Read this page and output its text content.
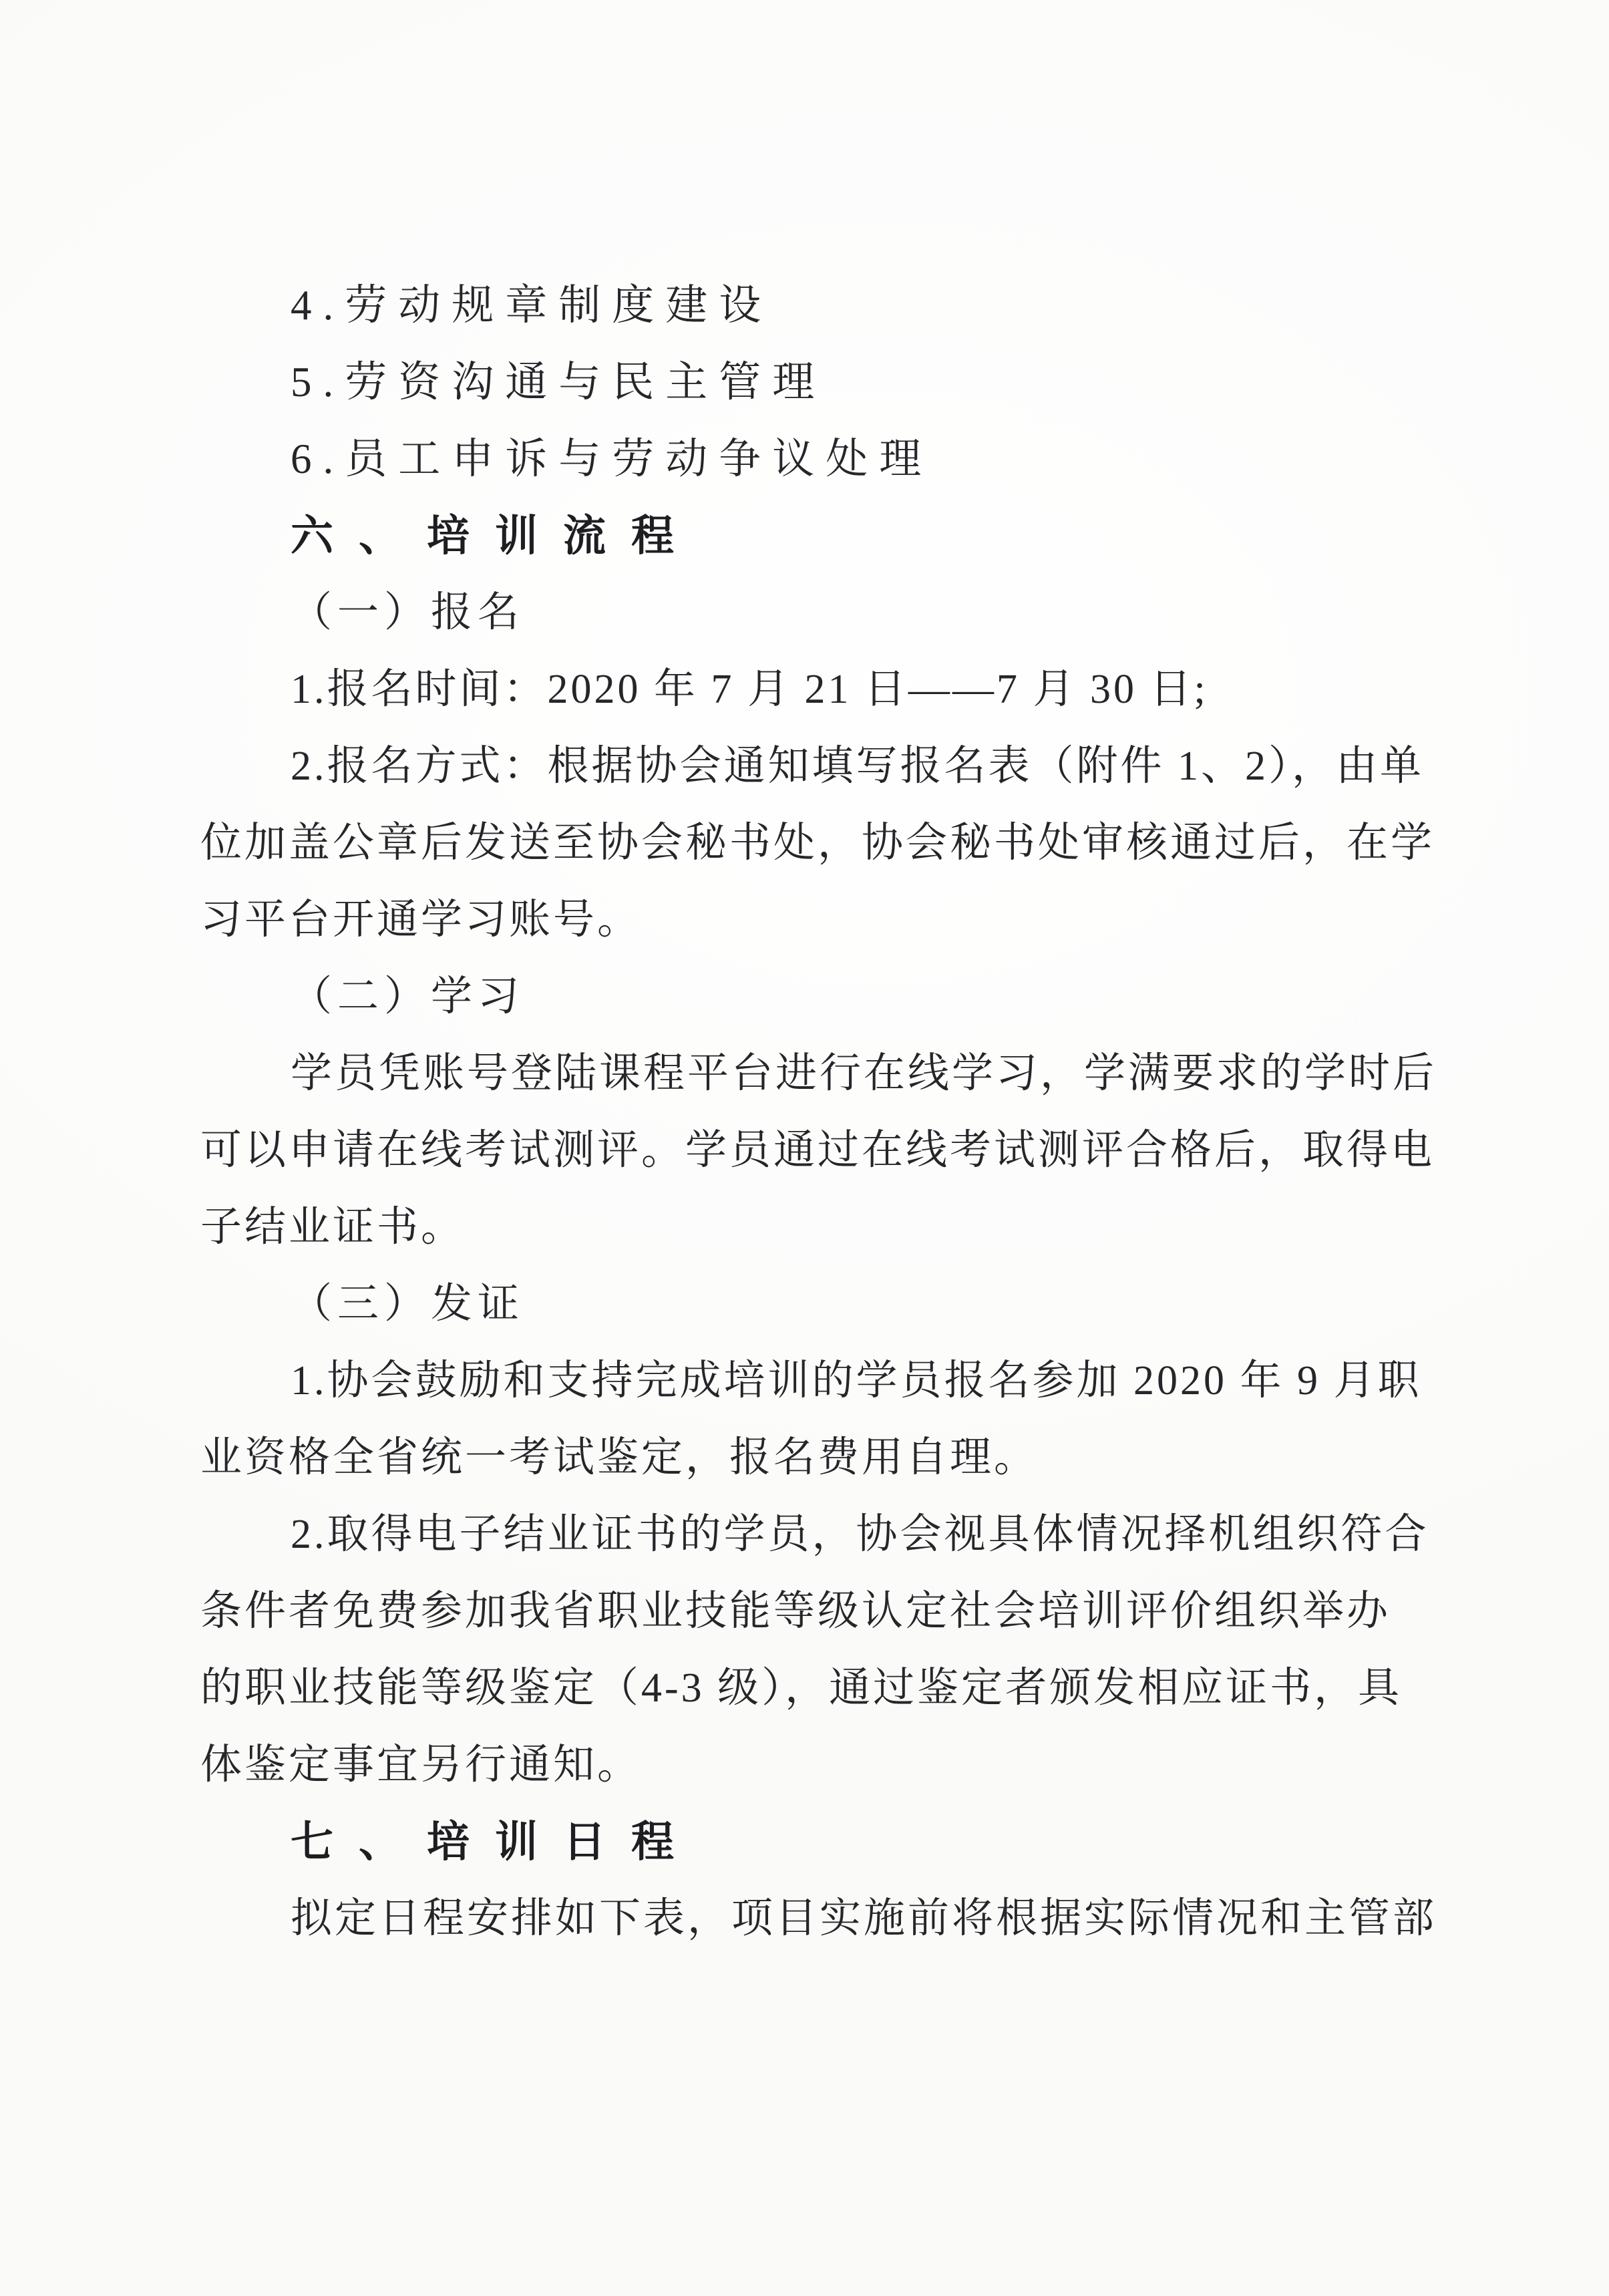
4.劳动规章制度建设
5.劳资沟通与民主管理
6.员工申诉与劳动争议处理
六、培训流程
（一）报名
1.报名时间：2020 年 7 月 21 日——7 月 30 日;
2.报名方式：根据协会通知填写报名表（附件 1、2），由单
位加盖公章后发送至协会秘书处，协会秘书处审核通过后，在学
习平台开通学习账号。
（二）学习
学员凭账号登陆课程平台进行在线学习，学满要求的学时后
可以申请在线考试测评。学员通过在线考试测评合格后，取得电
子结业证书。
（三）发证
1.协会鼓励和支持完成培训的学员报名参加 2020 年 9 月职
业资格全省统一考试鉴定，报名费用自理。
2.取得电子结业证书的学员，协会视具体情况择机组织符合
条件者免费参加我省职业技能等级认定社会培训评价组织举办
的职业技能等级鉴定（4-3 级），通过鉴定者颁发相应证书，具
体鉴定事宜另行通知。
七、培训日程
拟定日程安排如下表，项目实施前将根据实际情况和主管部
